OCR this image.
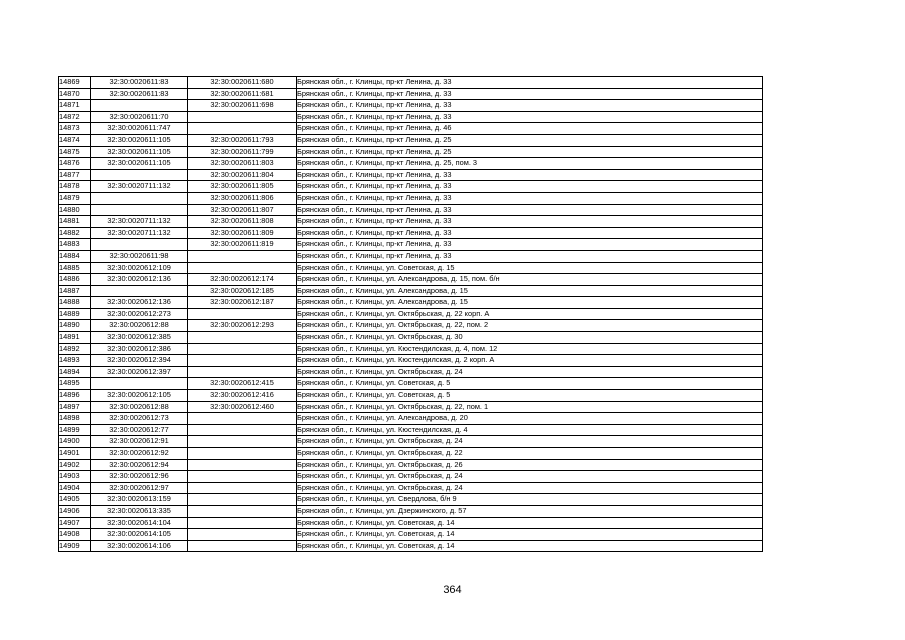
14869	32:30:0020611:83	32:30:0020611:680	Брянская обл., г. Клинцы, пр-кт Ленина, д. 33
14870	32:30:0020611:83	32:30:0020611:681	Брянская обл., г. Клинцы, пр-кт Ленина, д. 33
14871		32:30:0020611:698	Брянская обл., г. Клинцы, пр-кт Ленина, д. 33
14872	32:30:0020611:70		Брянская обл., г. Клинцы, пр-кт Ленина, д. 33
14873	32:30:0020611:747		Брянская обл., г. Клинцы, пр-кт Ленина, д. 46
14874	32:30:0020611:105	32:30:0020611:793	Брянская обл., г. Клинцы, пр-кт Ленина, д. 25
14875	32:30:0020611:105	32:30:0020611:799	Брянская обл., г. Клинцы, пр-кт Ленина, д. 25
14876	32:30:0020611:105	32:30:0020611:803	Брянская обл., г. Клинцы, пр-кт Ленина, д. 25, пом. 3
14877		32:30:0020611:804	Брянская обл., г. Клинцы, пр-кт Ленина, д. 33
14878	32:30:0020711:132	32:30:0020611:805	Брянская обл., г. Клинцы, пр-кт Ленина, д. 33
14879		32:30:0020611:806	Брянская обл., г. Клинцы, пр-кт Ленина, д. 33
14880		32:30:0020611:807	Брянская обл., г. Клинцы, пр-кт Ленина, д. 33
14881	32:30:0020711:132	32:30:0020611:808	Брянская обл., г. Клинцы, пр-кт Ленина, д. 33
14882	32:30:0020711:132	32:30:0020611:809	Брянская обл., г. Клинцы, пр-кт Ленина, д. 33
14883		32:30:0020611:819	Брянская обл., г. Клинцы, пр-кт Ленина, д. 33
14884	32:30:0020611:98		Брянская обл., г. Клинцы, пр-кт Ленина, д. 33
14885	32:30:0020612:109		Брянская обл., г. Клинцы, ул. Советская, д. 15
14886	32:30:0020612:136	32:30:0020612:174	Брянская обл., г. Клинцы, ул. Александрова, д. 15, пом. б/н
14887		32:30:0020612:185	Брянская обл., г. Клинцы, ул. Александрова, д. 15
14888	32:30:0020612:136	32:30:0020612:187	Брянская обл., г. Клинцы, ул. Александрова, д. 15
14889	32:30:0020612:273		Брянская обл., г. Клинцы, ул. Октябрьская, д. 22 корп. А
14890	32:30:0020612:88	32:30:0020612:293	Брянская обл., г. Клинцы, ул. Октябрьская, д. 22, пом. 2
14891	32:30:0020612:385		Брянская обл., г. Клинцы, ул. Октябрьская, д. 30
14892	32:30:0020612:386		Брянская обл., г. Клинцы, ул. Кюстендилская, д. 4, пом. 12
14893	32:30:0020612:394		Брянская обл., г. Клинцы, ул. Кюстендилская, д. 2 корп. А
14894	32:30:0020612:397		Брянская обл., г. Клинцы, ул. Октябрьская, д. 24
14895		32:30:0020612:415	Брянская обл., г. Клинцы, ул. Советская, д. 5
14896	32:30:0020612:105	32:30:0020612:416	Брянская обл., г. Клинцы, ул. Советская, д. 5
14897	32:30:0020612:88	32:30:0020612:460	Брянская обл., г. Клинцы, ул. Октябрьская, д. 22, пом. 1
14898	32:30:0020612:73		Брянская обл., г. Клинцы, ул. Александрова, д. 20
14899	32:30:0020612:77		Брянская обл., г. Клинцы, ул. Кюстендилская, д. 4
14900	32:30:0020612:91		Брянская обл., г. Клинцы, ул. Октябрьская, д. 24
14901	32:30:0020612:92		Брянская обл., г. Клинцы, ул. Октябрьская, д. 22
14902	32:30:0020612:94		Брянская обл., г. Клинцы, ул. Октябрьская, д. 26
14903	32:30:0020612:96		Брянская обл., г. Клинцы, ул. Октябрьская, д. 24
14904	32:30:0020612:97		Брянская обл., г. Клинцы, ул. Октябрьская, д. 24
14905	32:30:0020613:159		Брянская обл., г. Клинцы, ул. Свердлова, б/н 9
14906	32:30:0020613:335		Брянская обл., г. Клинцы, ул. Дзержинского, д. 57
14907	32:30:0020614:104		Брянская обл., г. Клинцы, ул. Советская, д. 14
14908	32:30:0020614:105		Брянская обл., г. Клинцы, ул. Советская, д. 14
14909	32:30:0020614:106		Брянская обл., г. Клинцы, ул. Советская, д. 14
364
